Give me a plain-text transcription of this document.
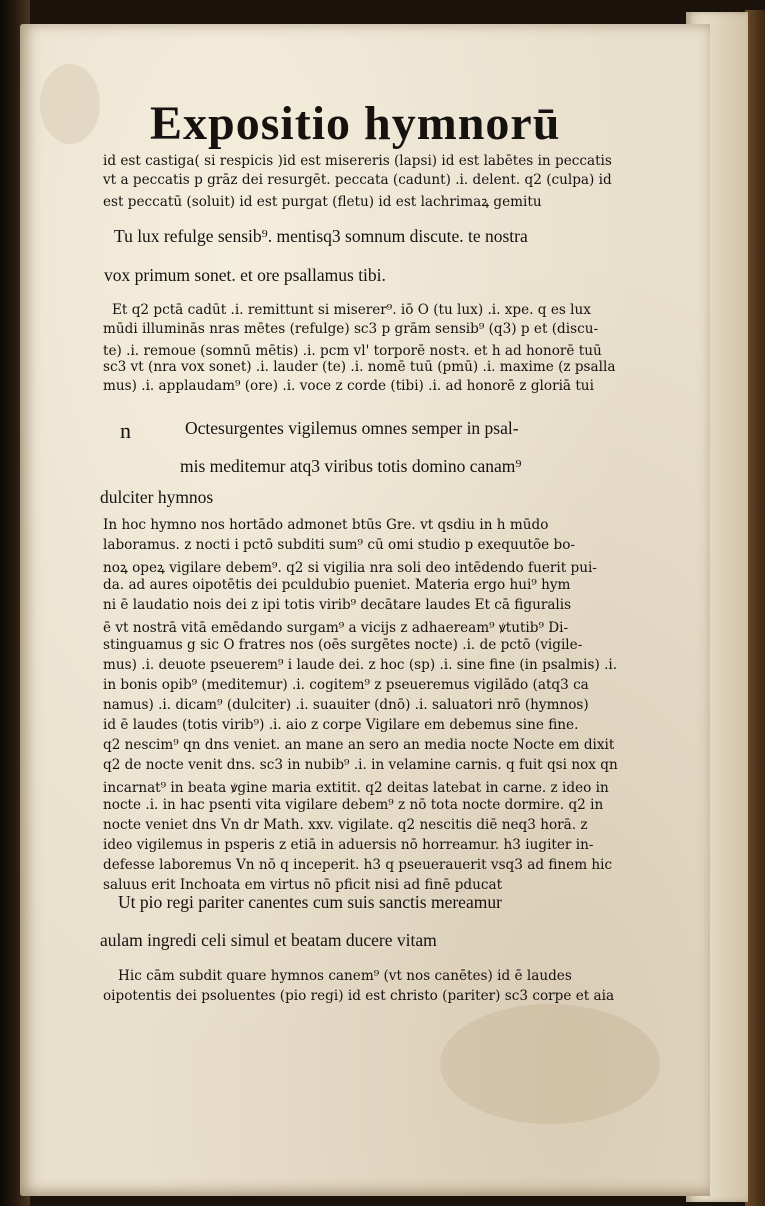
Expositio hymnorū
id est castiga( si respicis )id est misereris (lapsi) id est labētes in peccatis
vt a peccatis p grāz dei resurgēt. peccata (cadunt) .i. delent. q2 (culpa) id
est peccatū (soluit) id est purgat (fletu) id est lachrimaꝝ gemitu
Tu lux refulge sensib⁹. mentisq3 somnum discute. te nostra
vox primum sonet. et ore psallamus tibi.
Et q2 pctā cadūt .i. remittunt si miserer⁹. iō O (tu lux) .i. xpe. q es lux
mūdi illuminās nras mētes (refulge) sc3 p grām sensib⁹ (q3) p et (discu-
te) .i. remoue (somnū mētis) .i. pcm vl' torporē nostꝛ. et h ad honorē tuū
sc3 vt (nra vox sonet) .i. lauder (te) .i. nomē tuū (pmū) .i. maxime (z psalla
mus) .i. applaudam⁹ (ore) .i. voce z corde (tibi) .i. ad honorē z gloriā tui
n	Octesurgentes vigilemus omnes semper in psal-
mis meditemur atq3 viribus totis domino canam⁹
dulciter hymnos
In hoc hymno nos hortādo admonet btūs Gre. vt qsdiu in h mūdo
laboramus. z nocti i pctō subditi sum⁹ cū omi studio p exequutōe bo-
noꝝ opeꝝ vigilare debem⁹. q2 si vigilia nra soli deo intēdendo fuerit pui-
da. ad aures oipotētis dei pculdubio pueniet. Materia ergo hui⁹ hym
ni ē laudatio nois dei z ipi totis virib⁹ decātare laudes Et cā figuralis
ē vt nostrā vitā emēdando surgam⁹ a vicijs z adhaeream⁹ ꝟtutib⁹ Di-
stinguamus g sic O fratres nos (oēs surgētes nocte) .i. de pctō (vigile-
mus) .i. deuote pseuerem⁹ i laude dei. z hoc (sp) .i. sine fine (in psalmis) .i.
in bonis opib⁹ (meditemur) .i. cogitem⁹ z pseueremus vigilādo (atq3 ca
namus) .i. dicam⁹ (dulciter) .i. suauiter (dnō) .i. saluatori nrō (hymnos)
id ē laudes (totis virib⁹) .i. aio z corpe Vigilare em debemus sine fine.
q2 nescim⁹ qn dns veniet. an mane an sero an media nocte Nocte em dixit
q2 de nocte venit dns. sc3 in nubib⁹ .i. in velamine carnis. q fuit qsi nox qn
incarnat⁹ in beata ꝟgine maria extitit. q2 deitas latebat in carne. z ideo in
nocte .i. in hac psenti vita vigilare debem⁹ z nō tota nocte dormire. q2 in
nocte veniet dns Vn dr Math. xxv. vigilate. q2 nescitis diē neq3 horā. z
ideo vigilemus in psperis z etiā in aduersis nō horreamur. h3 iugiter in-
defesse laboremus Vn nō q inceperit. h3 q pseuerauerit vsq3 ad finem hic
saluus erit Inchoata em virtus nō pficit nisi ad finē pducat
Ut pio regi pariter canentes cum suis sanctis mereamur
aulam ingredi celi simul et beatam ducere vitam
Hic cām subdit quare hymnos canem⁹ (vt nos canētes) id ē laudes
oipotentis dei psoluentes (pio regi) id est christo (pariter) sc3 corpe et aia
